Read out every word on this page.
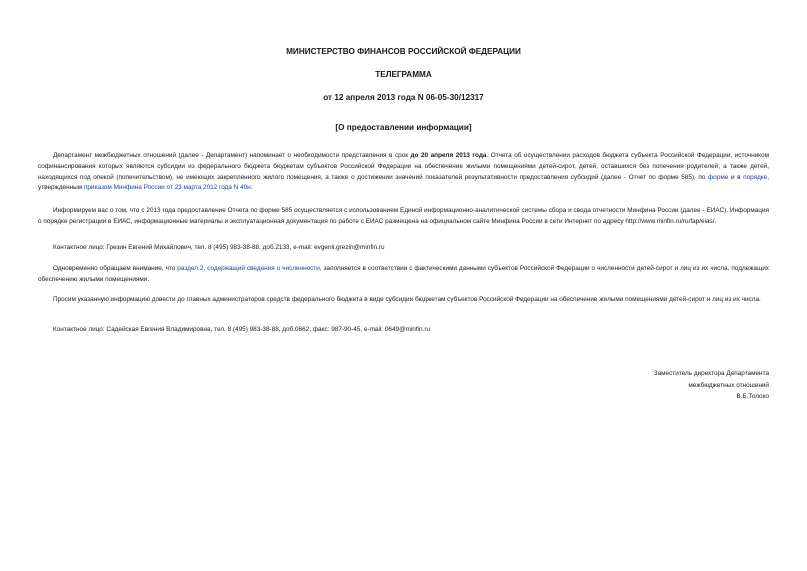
МИНИСТЕРСТВО ФИНАНСОВ РОССИЙСКОЙ ФЕДЕРАЦИИ
ТЕЛЕГРАММА
от 12 апреля 2013 года N 06-05-30/12317
[О предоставлении информации]

Департамент межбюджетных отношений (далее - Департамент) напоминает о необходимости представления в срок до 20 апреля 2013 года. Отчета об осуществлении расходов бюджета субъекта Российской Федерации, источником софинансирования которых являются субсидии из федерального бюджета бюджетам субъектов Российской Федерации на обеспечение жилыми помещениями детей-сирот, детей, оставшихся без попечения родителей, а также детей, находящихся под опекой (попечительством), не имеющих закрепленного жилого помещения, а также о достижении значений показателей результативности предоставления субсидий (далее - Отчет по форме 585), по форме и в порядке, утвержденным приказом Минфина России от 23 марта 2012 года N 40н.

Информируем вас о том, что с 2013 года предоставление Отчета по форме 585 осуществляется с использованием Единой информационно-аналитической системы сбора и свода отчетности Минфина России (далее - ЕИАС). Информация о порядке регистрации в ЕИАС, информационные материалы и эксплуатационная документация по работе с ЕИАС размещена на официальном сайте Минфина России в сети Интернет по адресу http://www.minfin.ru/ru/fap/eias/.

Контактное лицо: Грезин Евгений Михайлович, тел. 8 (495) 983-38-88, доб.2133, e-mail: evgenii.grezin@minfin.ru

Одновременно обращаем внимание, что раздел 2, содержащий сведения о численности, заполняется в соответствии с фактическими данными субъектов Российской Федерации о численности детей-сирот и лиц из их числа, подлежащих обеспечению жилыми помещениями.

Просим указанную информацию довести до главных администраторов средств федерального бюджета в виде субсидии бюджетам субъектов Российской Федерации на обеспечение жилыми помещениями детей-сирот и лиц из их числа.

Контактное лицо: Садейская Евгения Владимировна, тел. 8 (495) 983-38-88, доб.0662, факс: 987-90-45, e-mail: 0649@minfin.ru

Заместитель директора Департамента
межбюджетных отношений
В.Б.Толоко
